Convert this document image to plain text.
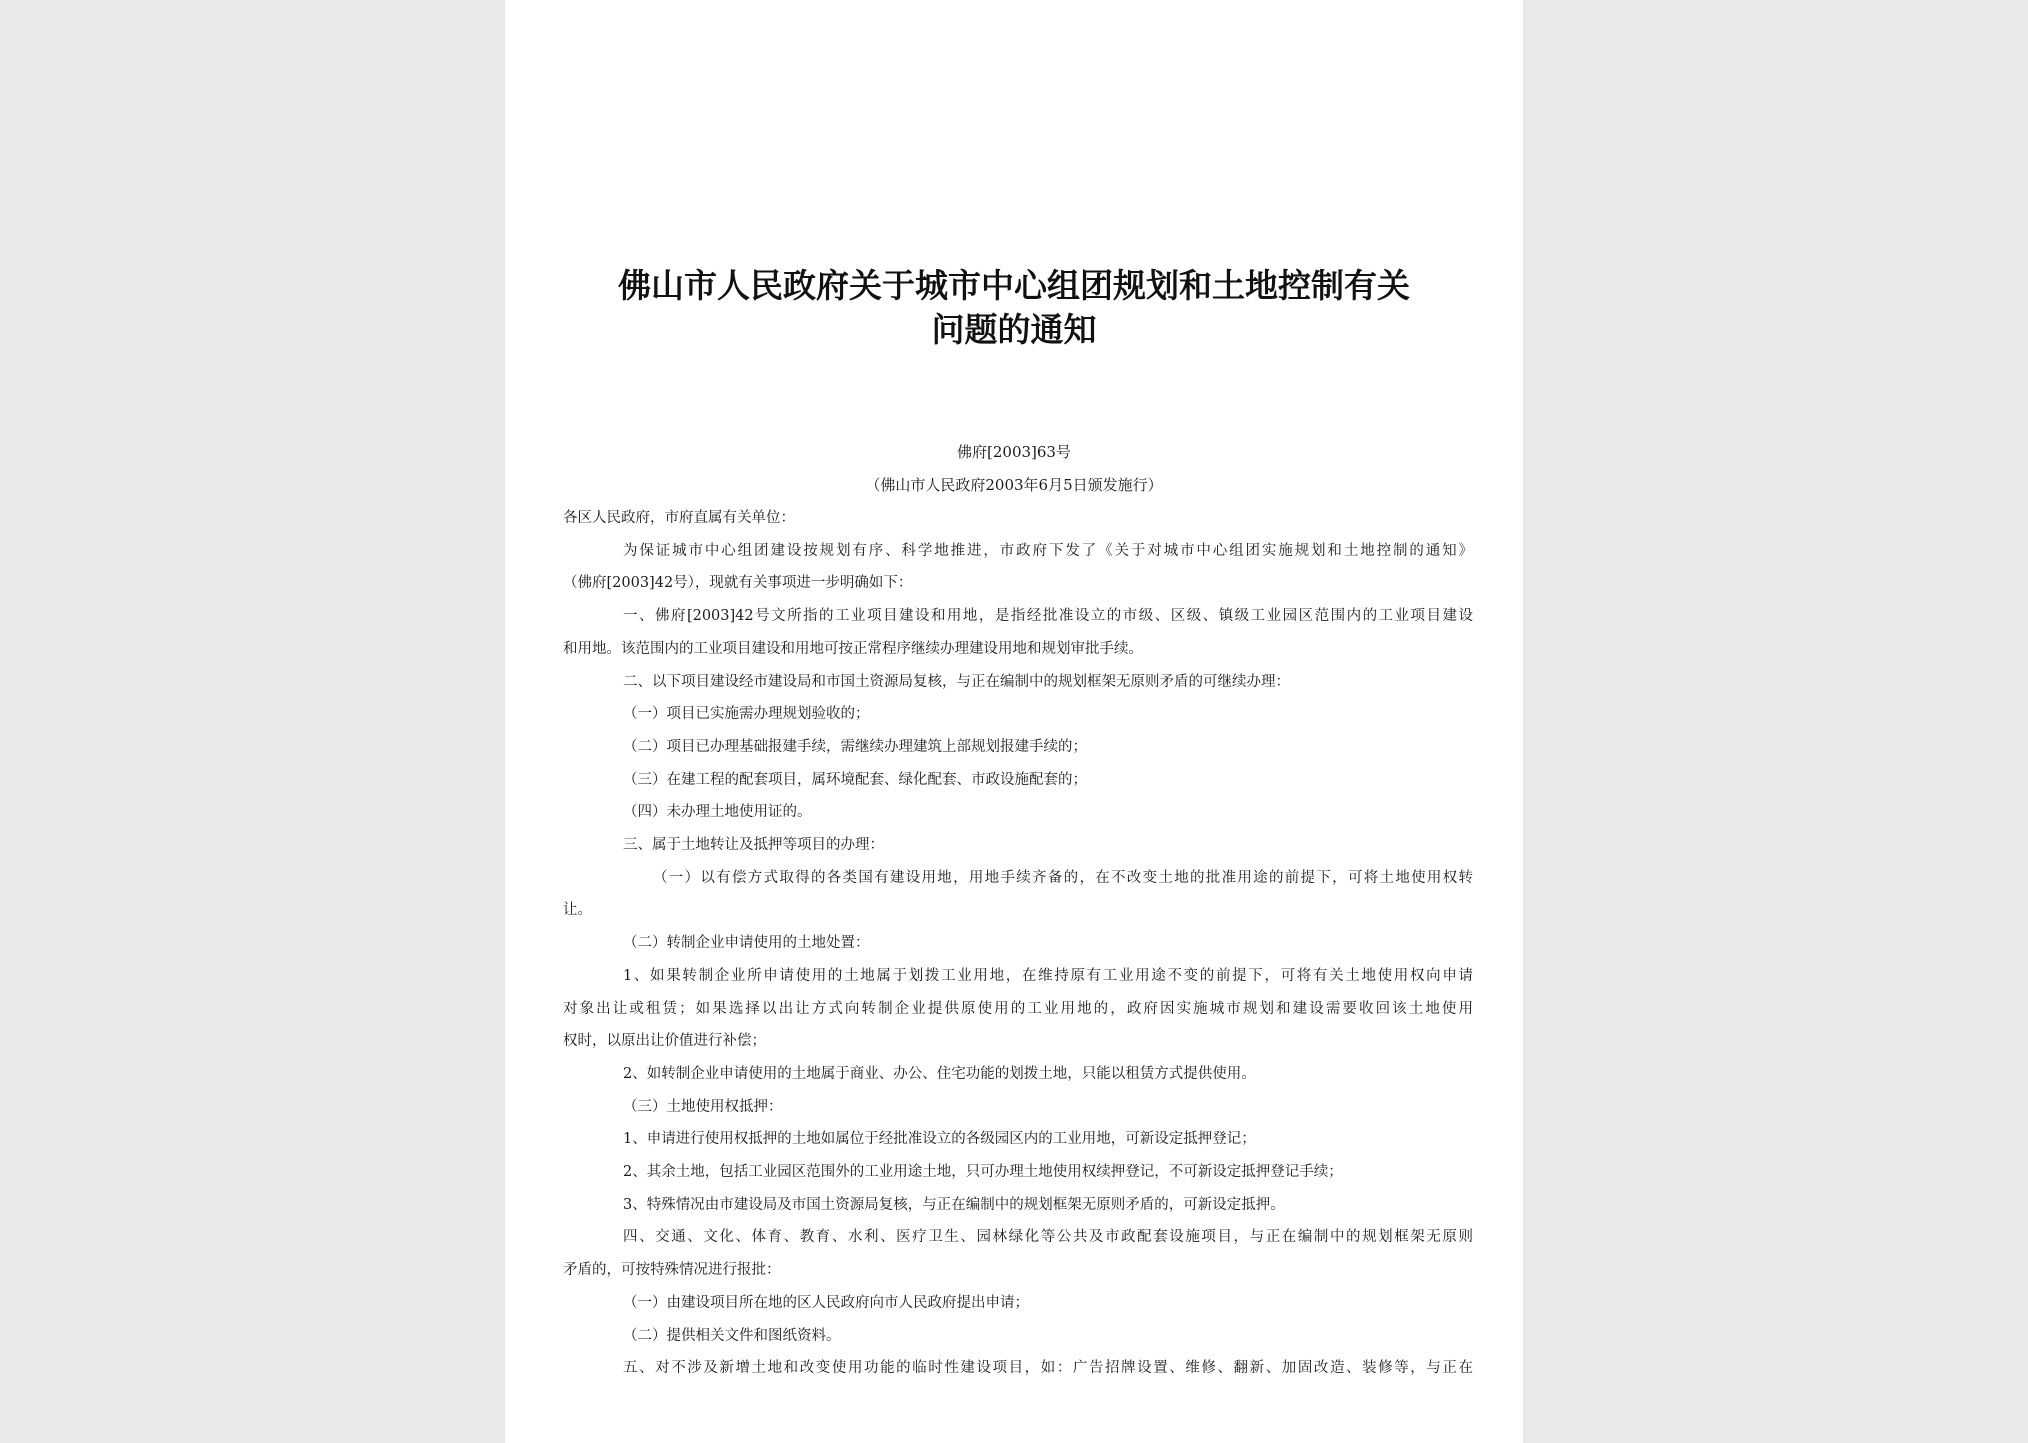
佛山市人民政府关于城市中心组团规划和土地控制有关
问题的通知
佛府[2003]63号
（佛山市人民政府2003年6月5日颁发施行）
各区人民政府，市府直属有关单位：
为保证城市中心组团建设按规划有序、科学地推进，市政府下发了《关于对城市中心组团实施规划和土地控制的通知》
（佛府[2003]42号），现就有关事项进一步明确如下：
一、佛府[2003]42号文所指的工业项目建设和用地，是指经批准设立的市级、区级、镇级工业园区范围内的工业项目建设
和用地。该范围内的工业项目建设和用地可按正常程序继续办理建设用地和规划审批手续。
二、以下项目建设经市建设局和市国土资源局复核，与正在编制中的规划框架无原则矛盾的可继续办理：
（一）项目已实施需办理规划验收的；
（二）项目已办理基础报建手续，需继续办理建筑上部规划报建手续的；
（三）在建工程的配套项目，属环境配套、绿化配套、市政设施配套的；
（四）未办理土地使用证的。
三、属于土地转让及抵押等项目的办理：
（一）以有偿方式取得的各类国有建设用地，用地手续齐备的，在不改变土地的批准用途的前提下，可将土地使用权转
让。
（二）转制企业申请使用的土地处置：
1、如果转制企业所申请使用的土地属于划拨工业用地，在维持原有工业用途不变的前提下，可将有关土地使用权向申请
对象出让或租赁；如果选择以出让方式向转制企业提供原使用的工业用地的，政府因实施城市规划和建设需要收回该土地使用
权时，以原出让价值进行补偿；
2、如转制企业申请使用的土地属于商业、办公、住宅功能的划拨土地，只能以租赁方式提供使用。
（三）土地使用权抵押：
1、申请进行使用权抵押的土地如属位于经批准设立的各级园区内的工业用地，可新设定抵押登记；
2、其余土地，包括工业园区范围外的工业用途土地，只可办理土地使用权续押登记，不可新设定抵押登记手续；
3、特殊情况由市建设局及市国土资源局复核，与正在编制中的规划框架无原则矛盾的，可新设定抵押。
四、交通、文化、体育、教育、水利、医疗卫生、园林绿化等公共及市政配套设施项目，与正在编制中的规划框架无原则
矛盾的，可按特殊情况进行报批：
（一）由建设项目所在地的区人民政府向市人民政府提出申请；
（二）提供相关文件和图纸资料。
五、对不涉及新增土地和改变使用功能的临时性建设项目，如：广告招牌设置、维修、翻新、加固改造、装修等，与正在
